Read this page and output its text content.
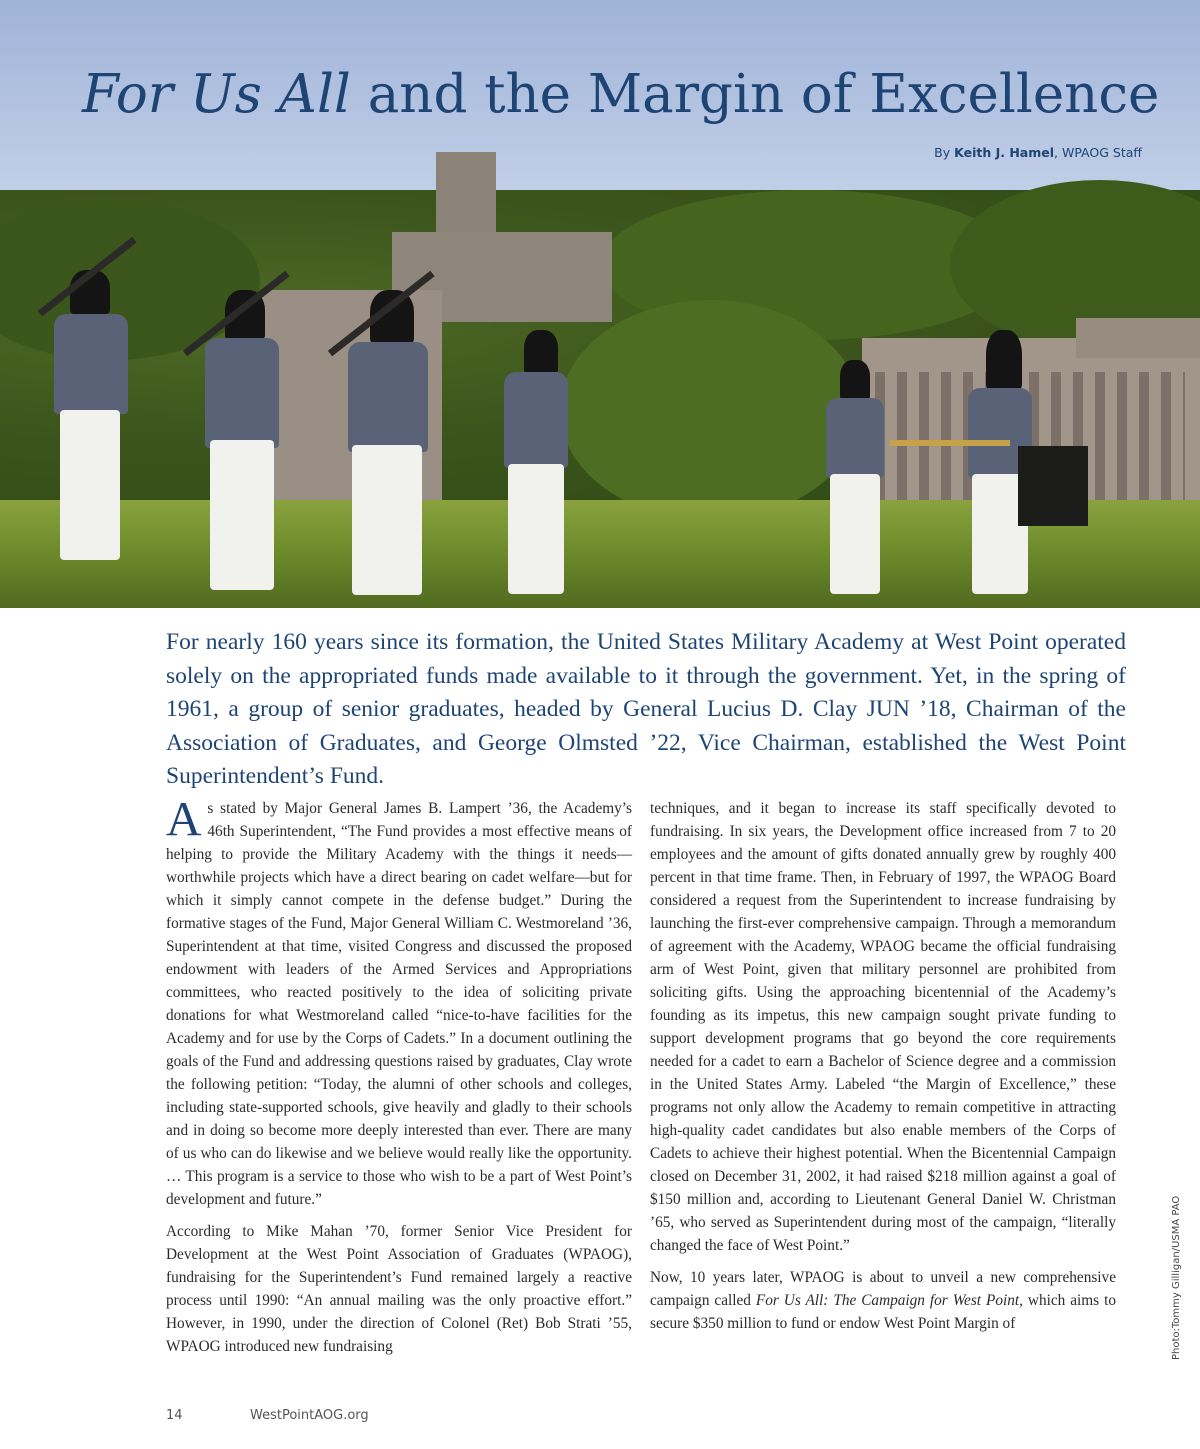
For Us All and the Margin of Excellence
By Keith J. Hamel, WPAOG Staff

For nearly 160 years since its formation, the United States Military Academy at West Point operated solely on the appropriated funds made available to it through the government. Yet, in the spring of 1961, a group of senior graduates, headed by General Lucius D. Clay JUN ’18, Chairman of the Association of Graduates, and George Olmsted ’22, Vice Chairman, established the West Point Superintendent’s Fund.

As stated by Major General James B. Lampert ’36, the Academy’s 46th Superintendent, “The Fund provides a most effective means of helping to provide the Military Academy with the things it needs—worthwhile projects which have a direct bearing on cadet welfare—but for which it simply cannot compete in the defense budget.” During the formative stages of the Fund, Major General William C. Westmoreland ’36, Superintendent at that time, visited Congress and discussed the proposed endowment with leaders of the Armed Services and Appropriations committees, who reacted positively to the idea of soliciting private donations for what Westmoreland called “nice-to-have facilities for the Academy and for use by the Corps of Cadets.” In a document outlining the goals of the Fund and addressing questions raised by graduates, Clay wrote the following petition: “Today, the alumni of other schools and colleges, including state-supported schools, give heavily and gladly to their schools and in doing so become more deeply interested than ever. There are many of us who can do likewise and we believe would really like the opportunity. … This program is a service to those who wish to be a part of West Point’s development and future.”

According to Mike Mahan ’70, former Senior Vice President for Development at the West Point Association of Graduates (WPAOG), fundraising for the Superintendent’s Fund remained largely a reactive process until 1990: “An annual mailing was the only proactive effort.” However, in 1990, under the direction of Colonel (Ret) Bob Strati ’55, WPAOG introduced new fundraising

techniques, and it began to increase its staff specifically devoted to fundraising. In six years, the Development office increased from 7 to 20 employees and the amount of gifts donated annually grew by roughly 400 percent in that time frame. Then, in February of 1997, the WPAOG Board considered a request from the Superintendent to increase fundraising by launching the first-ever comprehensive campaign. Through a memorandum of agreement with the Academy, WPAOG became the official fundraising arm of West Point, given that military personnel are prohibited from soliciting gifts. Using the approaching bicentennial of the Academy’s founding as its impetus, this new campaign sought private funding to support development programs that go beyond the core requirements needed for a cadet to earn a Bachelor of Science degree and a commission in the United States Army. Labeled “the Margin of Excellence,” these programs not only allow the Academy to remain competitive in attracting high-quality cadet candidates but also enable members of the Corps of Cadets to achieve their highest potential. When the Bicentennial Campaign closed on December 31, 2002, it had raised $218 million against a goal of $150 million and, according to Lieutenant General Daniel W. Christman ’65, who served as Superintendent during most of the campaign, “literally changed the face of West Point.”

Now, 10 years later, WPAOG is about to unveil a new comprehensive campaign called For Us All: The Campaign for West Point, which aims to secure $350 million to fund or endow West Point Margin of	Photo:Tommy Gilligan/USMA PAO
14	WestPointAOG.org
